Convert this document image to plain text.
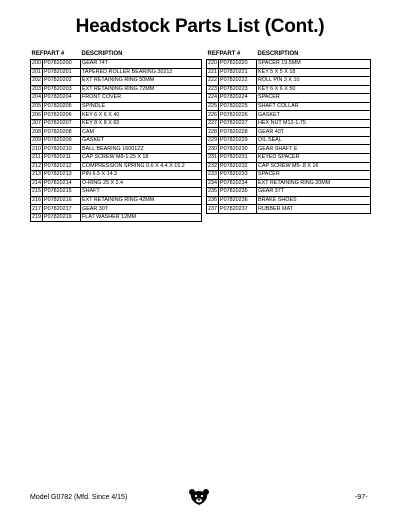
Headstock Parts List (Cont.)
REF	PART #	DESCRIPTION
200	P07820200	GEAR 74T
201	P07820201	TAPERED ROLLER BEARING 30212
202	P07820202	EXT RETAINING RING 50MM
203	P07820203	EXT RETAINING RING 72MM
204	P07820204	FRONT COVER
205	P07820205	SPINDLE
206	P07820206	KEY 6 X 6 X 40
207	P07820207	KEY 8 X 8 X 65
208	P07820208	CAM
209	P07820209	GASKET
210	P07820210	BALL BEARING 16001ZZ
211	P07820211	CAP SCREW M8-1.25 X 18
212	P07820212	COMPRESSION SPRING 0.6 X 4.4 X 15.2
213	P07820213	PIN 6.5 X 14.3
214	P07820214	O-RING 25 X 2.4
215	P07820215	SHAFT
216	P07820216	EXT RETAINING RING 42MM
217	P07820217	GEAR 30T
219	P07820219	FLAT WASHER 12MM
REF	PART #	DESCRIPTION
220	P07820220	SPACER 19.5MM
221	P07820221	KEY 5 X 5 X 18
222	P07820222	ROLL PIN 3 X 10
223	P07820223	KEY 6 X 6 X 50
224	P07820224	SPACER
225	P07820225	SHAFT COLLAR
226	P07820226	GASKET
227	P07820227	HEX NUT M12-1.75
228	P07820228	GEAR 40T
229	P07820229	OIL SEAL
230	P07820230	GEAR SHAFT E
231	P07820231	KEYED SPACER
232	P07820232	CAP SCREW M5-.8 X 16
233	P07820233	SPACER
234	P07820234	EXT RETAINING RING 20MM
235	P07820235	GEAR 37T
236	P07820236	BRAKE SHOES
237	P07820237	RUBBER MAT
Model G0782 (Mfd. Since 4/15)	-97-
